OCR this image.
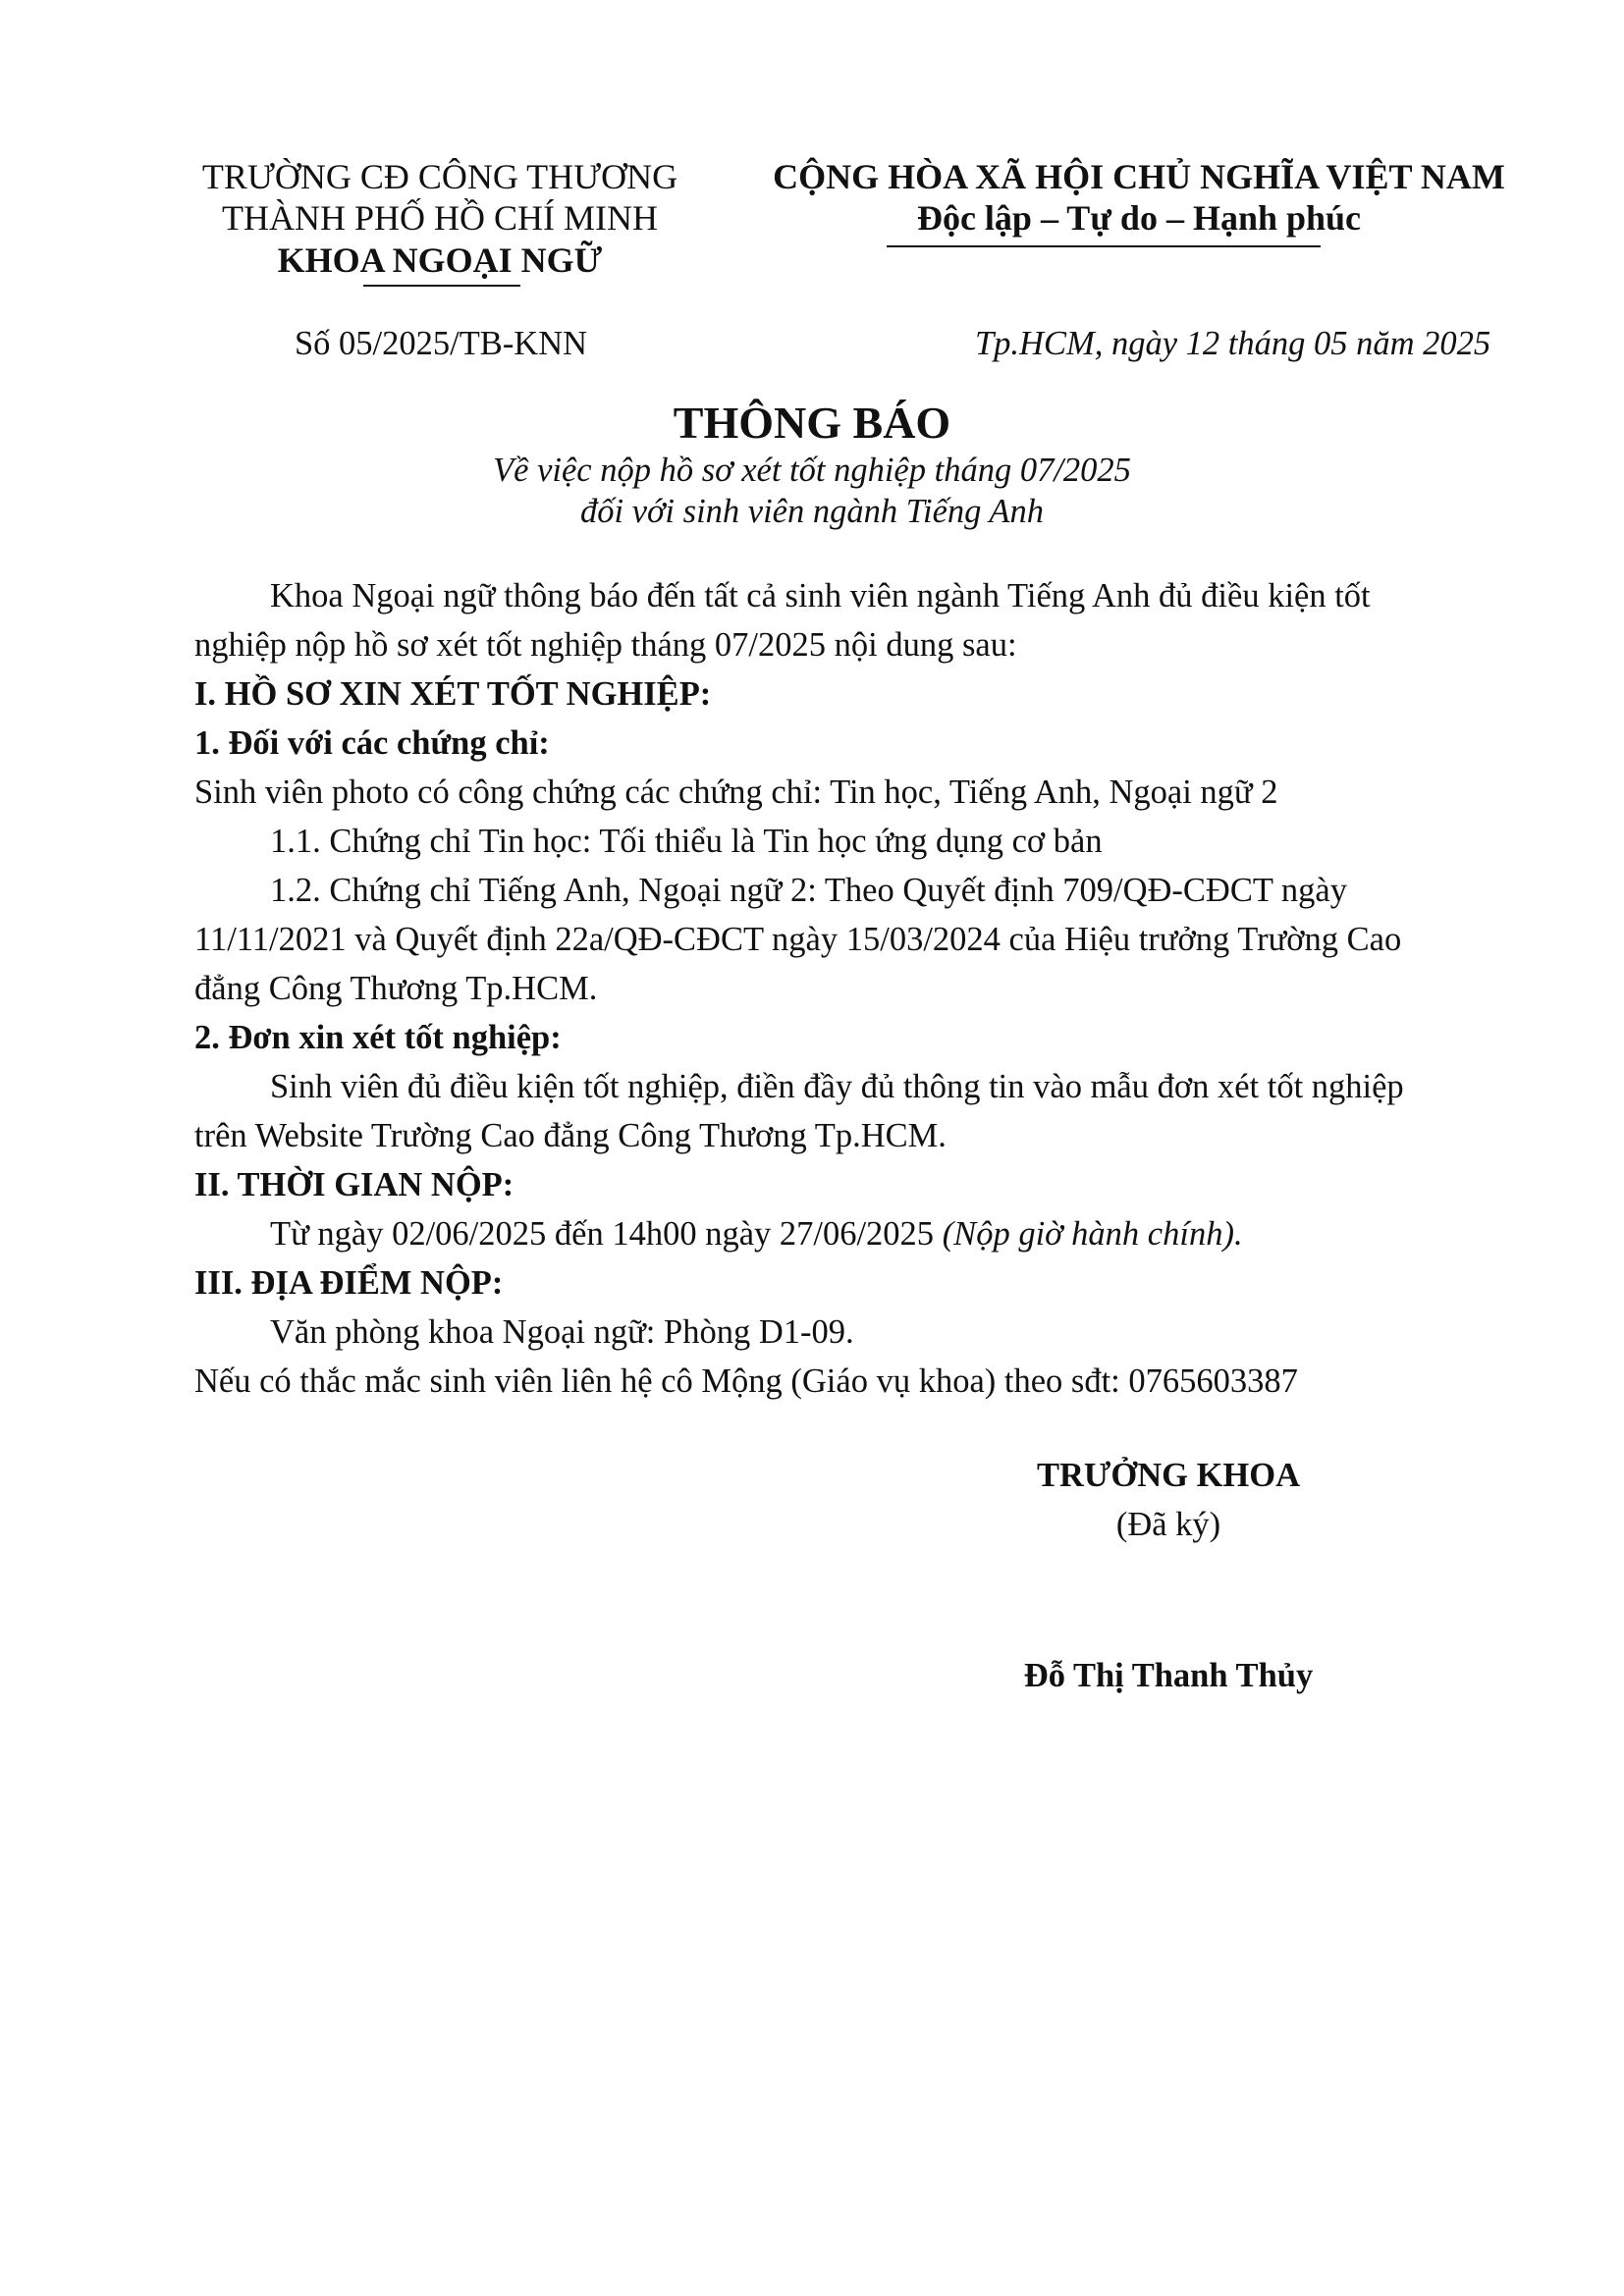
TRƯỜNG CĐ CÔNG THƯƠNG
THÀNH PHỐ HỒ CHÍ MINH
KHOA NGOẠI NGỮ
CỘNG HÒA XÃ HỘI CHỦ NGHĨA VIỆT NAM
Độc lập – Tự do – Hạnh phúc
Số 05/2025/TB-KNN	Tp.HCM, ngày 12 tháng 05 năm 2025
THÔNG BÁO
Về việc nộp hồ sơ xét tốt nghiệp tháng 07/2025
đối với sinh viên ngành Tiếng Anh
Khoa Ngoại ngữ thông báo đến tất cả sinh viên ngành Tiếng Anh đủ điều kiện tốt
nghiệp nộp hồ sơ xét tốt nghiệp tháng 07/2025 nội dung sau:
I. HỒ SƠ XIN XÉT TỐT NGHIỆP:
1. Đối với các chứng chỉ:
Sinh viên photo có công chứng các chứng chỉ: Tin học, Tiếng Anh, Ngoại ngữ 2
1.1. Chứng chỉ Tin học: Tối thiểu là Tin học ứng dụng cơ bản
1.2. Chứng chỉ Tiếng Anh, Ngoại ngữ 2: Theo Quyết định 709/QĐ-CĐCT ngày
11/11/2021 và Quyết định 22a/QĐ-CĐCT ngày 15/03/2024 của Hiệu trưởng Trường Cao
đẳng Công Thương Tp.HCM.
2. Đơn xin xét tốt nghiệp:
Sinh viên đủ điều kiện tốt nghiệp, điền đầy đủ thông tin vào mẫu đơn xét tốt nghiệp
trên Website Trường Cao đẳng Công Thương Tp.HCM.
II. THỜI GIAN NỘP:
Từ ngày 02/06/2025 đến 14h00 ngày 27/06/2025 (Nộp giờ hành chính).
III. ĐỊA ĐIỂM NỘP:
Văn phòng khoa Ngoại ngữ: Phòng D1-09.
Nếu có thắc mắc sinh viên liên hệ cô Mộng (Giáo vụ khoa) theo sđt: 0765603387
TRƯỞNG KHOA
(Đã ký)
Đỗ Thị Thanh Thủy
